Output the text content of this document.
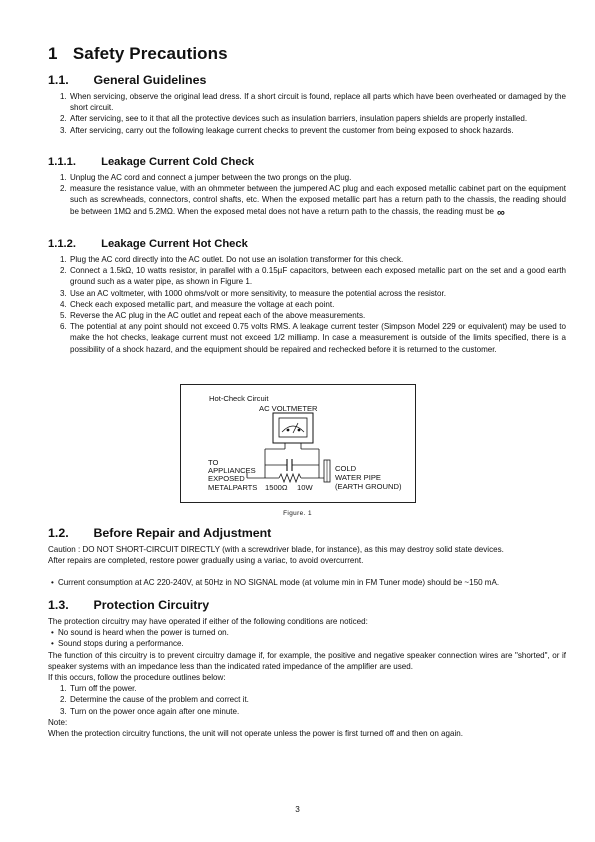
1 Safety Precautions
1.1. General Guidelines
1. When servicing, observe the original lead dress. If a short circuit is found, replace all parts which have been overheated or damaged by the short circuit.
2. After servicing, see to it that all the protective devices such as insulation barriers, insulation papers shields are properly installed.
3. After servicing, carry out the following leakage current checks to prevent the customer from being exposed to shock hazards.
1.1.1. Leakage Current Cold Check
1. Unplug the AC cord and connect a jumper between the two prongs on the plug.
2. measure the resistance value, with an ohmmeter between the jumpered AC plug and each exposed metallic cabinet part on the equipment such as screwheads, connectors, control shafts, etc. When the exposed metallic part has a return path to the chassis, the reading should be between 1MΩ and 5.2MΩ. When the exposed metal does not have a return path to the chassis, the reading must be ∞
1.1.2. Leakage Current Hot Check
1. Plug the AC cord directly into the AC outlet. Do not use an isolation transformer for this check.
2. Connect a 1.5kΩ, 10 watts resistor, in parallel with a 0.15µF capacitors, between each exposed metallic part on the set and a good earth ground such as a water pipe, as shown in Figure 1.
3. Use an AC voltmeter, with 1000 ohms/volt or more sensitivity, to measure the potential across the resistor.
4. Check each exposed metallic part, and measure the voltage at each point.
5. Reverse the AC plug in the AC outlet and repeat each of the above measurements.
6. The potential at any point should not exceed 0.75 volts RMS. A leakage current tester (Simpson Model 229 or equivalent) may be used to make the hot checks, leakage current must not exceed 1/2 milliamp. In case a measurement is outside of the limits specified, there is a possibility of a shock hazard, and the equipment should be repaired and rechecked before it is returned to the customer.
Hot-Check Circuit
AC VOLTMETER
TO
APPLIANCES
EXPOSED
METALPARTS 1500Ω 10W
COLD
WATER PIPE
(EARTH GROUND)
Figure. 1
1.2. Before Repair and Adjustment

Caution : DO NOT SHORT-CIRCUIT DIRECTLY (with a screwdriver blade, for instance), as this may destroy solid state devices.

After repairs are completed, restore power gradually using a variac, to avoid overcurrent.

• Current consumption at AC 220-240V, at 50Hz in NO SIGNAL mode (at volume min in FM Tuner mode) should be ~150 mA.
1.3. Protection Circuitry

The protection circuitry may have operated if either of the following conditions are noticed:

• No sound is heard when the power is turned on.
• Sound stops during a performance.

The function of this circuitry is to prevent circuitry damage if, for example, the positive and negative speaker connection wires are "shorted", or if speaker systems with an impedance less than the indicated rated impedance of the amplifier are used.

If this occurs, follow the procedure outlines below:

1. Turn off the power.
2. Determine the cause of the problem and correct it.
3. Turn on the power once again after one minute.

Note:

When the protection circuitry functions, the unit will not operate unless the power is first turned off and then on again.

3
